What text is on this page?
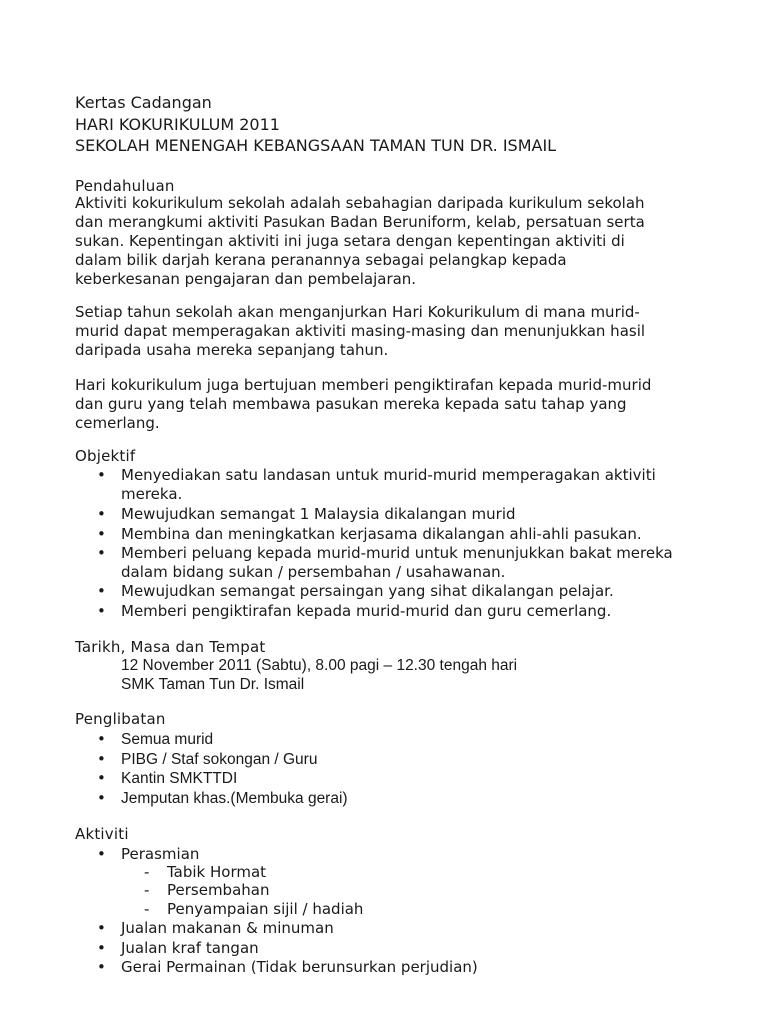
Kertas Cadangan
HARI KOKURIKULUM 2011
SEKOLAH MENENGAH KEBANGSAAN TAMAN TUN DR. ISMAIL
Pendahuluan
Aktiviti kokurikulum sekolah adalah sebahagian daripada kurikulum sekolah
dan merangkumi aktiviti Pasukan Badan Beruniform, kelab, persatuan serta
sukan. Kepentingan aktiviti ini juga setara dengan kepentingan aktiviti di
dalam bilik darjah kerana peranannya sebagai pelangkap kepada
keberkesanan pengajaran dan pembelajaran.
Setiap tahun sekolah akan menganjurkan Hari Kokurikulum di mana murid-
murid dapat memperagakan aktiviti masing-masing dan menunjukkan hasil
daripada usaha mereka sepanjang tahun.
Hari kokurikulum juga bertujuan memberi pengiktirafan kepada murid-murid
dan guru yang telah membawa pasukan mereka kepada satu tahap yang
cemerlang.
Objektif
Menyediakan satu landasan untuk murid-murid memperagakan aktiviti
mereka.
Mewujudkan semangat 1 Malaysia dikalangan murid
Membina dan meningkatkan kerjasama dikalangan ahli-ahli pasukan.
Memberi peluang kepada murid-murid untuk menunjukkan bakat mereka
dalam bidang sukan / persembahan / usahawanan.
Mewujudkan semangat persaingan yang sihat dikalangan pelajar.
Memberi pengiktirafan kepada murid-murid dan guru cemerlang.
Tarikh, Masa dan Tempat
12 November 2011 (Sabtu), 8.00 pagi – 12.30 tengah hari
SMK Taman Tun Dr. Ismail
Penglibatan
Semua murid
PIBG / Staf sokongan / Guru
Kantin SMKTTDI
Jemputan khas.(Membuka gerai)
Aktiviti
Perasmian
- Tabik Hormat
- Persembahan
- Penyampaian sijil / hadiah
Jualan makanan & minuman
Jualan kraf tangan
Gerai Permainan (Tidak berunsurkan perjudian)
